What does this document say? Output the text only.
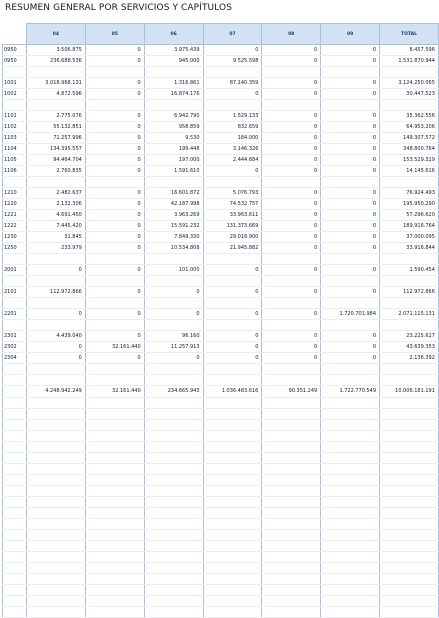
RESUMEN GENERAL POR SERVICIOS Y CAPÍTULOS
	04	05	06	07	08	09	TOTAL
0950	3.506.875	0	3.975.439	0	0	0	8.457.596
0950	236.688.536	0	945.000	9.525.598	0	0	1.531.870.944

1001	3.018.968.131	0	1.316.861	87.140.359	0	0	3.124.250.065
1002	4.872.596	0	16.874.176	0	0	0	30.447.523

1101	2.775.076	0	6.942.790	1.529.133	0	0	35.362.556
1102	55.132.851	0	958.859	832.659	0	0	64.953.206
1103	71.257.996	0	9.530	184.000	0	0	149.307.572
1104	134.395.557	0	199.448	3.146.326	0	0	348.800.764
1105	94.464.704	0	197.000	2.444.684	0	0	153.529.329
1106	2.760.835	0	1.591.610	0	0	0	14.145.616

1210	2.482.637	0	16.601.872	5.076.793	0	0	76.924.493
1220	2.132.306	0	42.187.998	74.532.757	0	0	195.950.290
1221	4.691.450	0	3.963.269	33.963.611	0	0	57.296.620
1222	7.445.420	0	15.591.232	131.373.669	0	0	189.916.764
1230	31.845	0	7.849.330	29.018.900	0	0	37.000.095
1250	233.979	0	10.534.808	21.945.882	0	0	33.916.844

2001	0	0	101.000	0	0	0	1.590.454

2101	112.972.866	0	0	0	0	0	112.972.866

2201	0	0	0	0	0	1.720.701.984	2.071.115.131

2301	4.439.040	0	96.160	0	0	0	23.225.627
2302	0	32.161.440	11.257.913	0	0	0	43.639.353
2304	0	0	0	0	0	0	2.136.392

	4.248.942.249	32.161.440	234.665.943	1.036.483.616	90.351.249	1.722.770.549	10.006.181.191
